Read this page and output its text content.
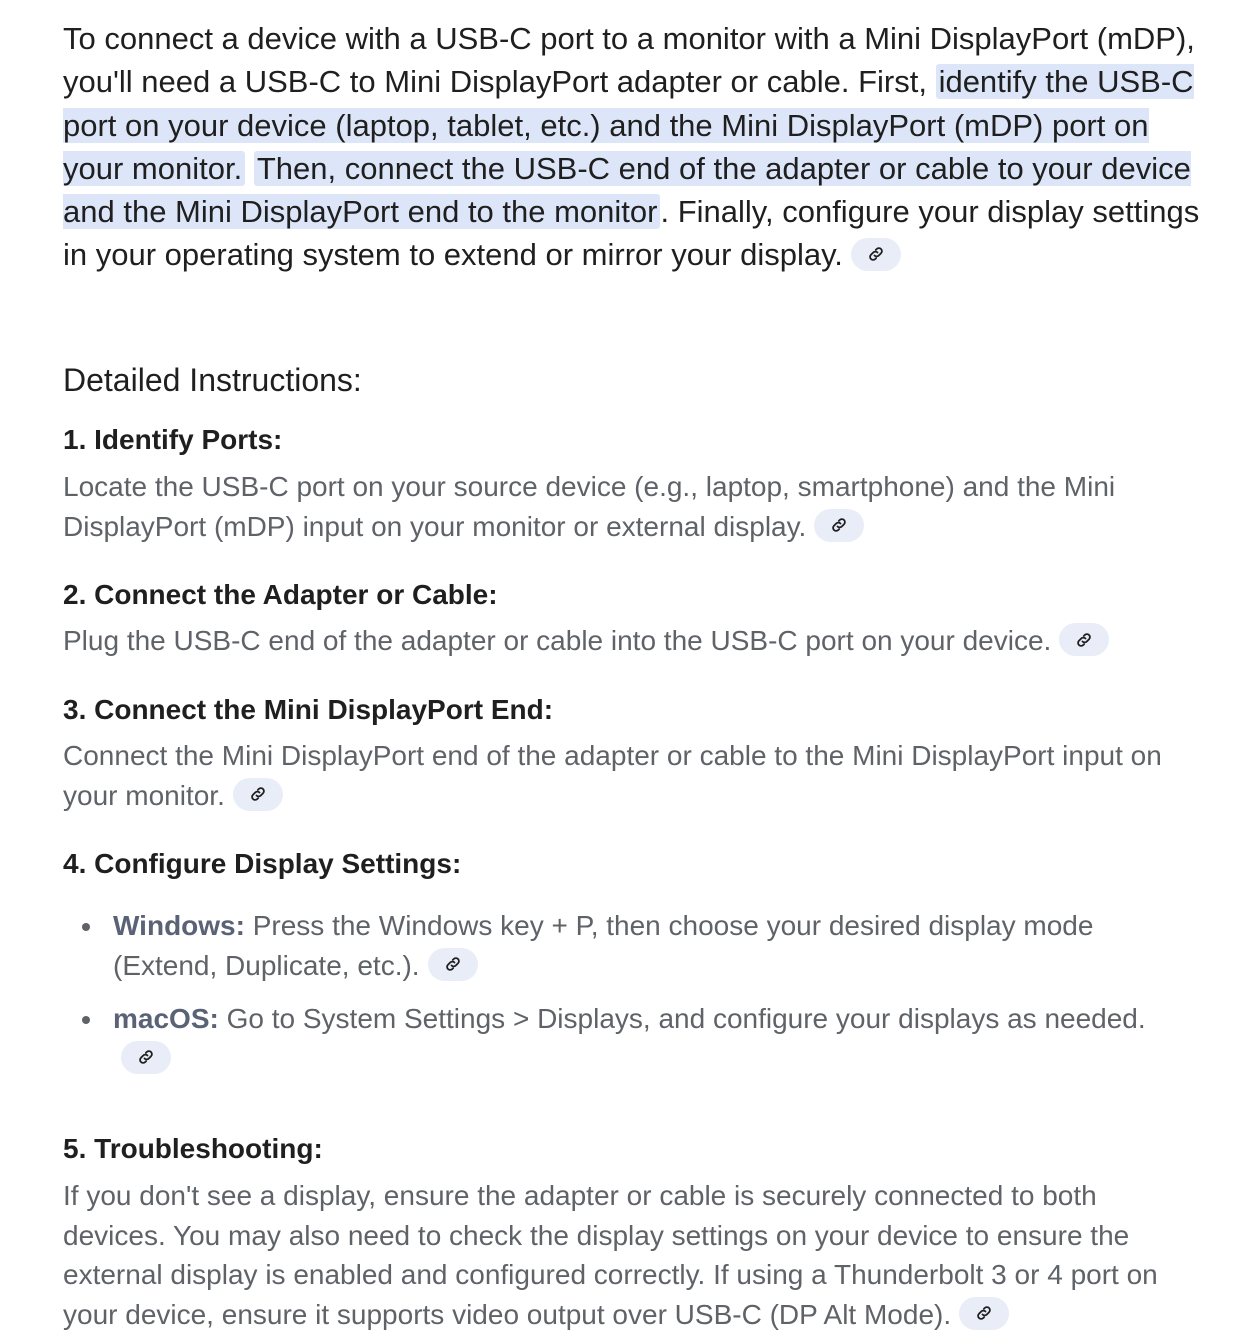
To connect a device with a USB-C port to a monitor with a Mini DisplayPort (mDP), you'll need a USB-C to Mini DisplayPort adapter or cable. First, identify the USB-C port on your device (laptop, tablet, etc.) and the Mini DisplayPort (mDP) port on your monitor. Then, connect the USB-C end of the adapter or cable to your device and the Mini DisplayPort end to the monitor. Finally, configure your display settings in your operating system to extend or mirror your display.

Detailed Instructions:
1. Identify Ports:

Locate the USB-C port on your source device (e.g., laptop, smartphone) and the Mini DisplayPort (mDP) input on your monitor or external display.

2. Connect the Adapter or Cable:

Plug the USB-C end of the adapter or cable into the USB-C port on your device.

3. Connect the Mini DisplayPort End:

Connect the Mini DisplayPort end of the adapter or cable to the Mini DisplayPort input on your monitor.

4. Configure Display Settings:
Windows: Press the Windows key + P, then choose your desired display mode (Extend, Duplicate, etc.).
macOS: Go to System Settings > Displays, and configure your displays as needed.
5. Troubleshooting:

If you don't see a display, ensure the adapter or cable is securely connected to both devices. You may also need to check the display settings on your device to ensure the external display is enabled and configured correctly. If using a Thunderbolt 3 or 4 port on your device, ensure it supports video output over USB-C (DP Alt Mode).
